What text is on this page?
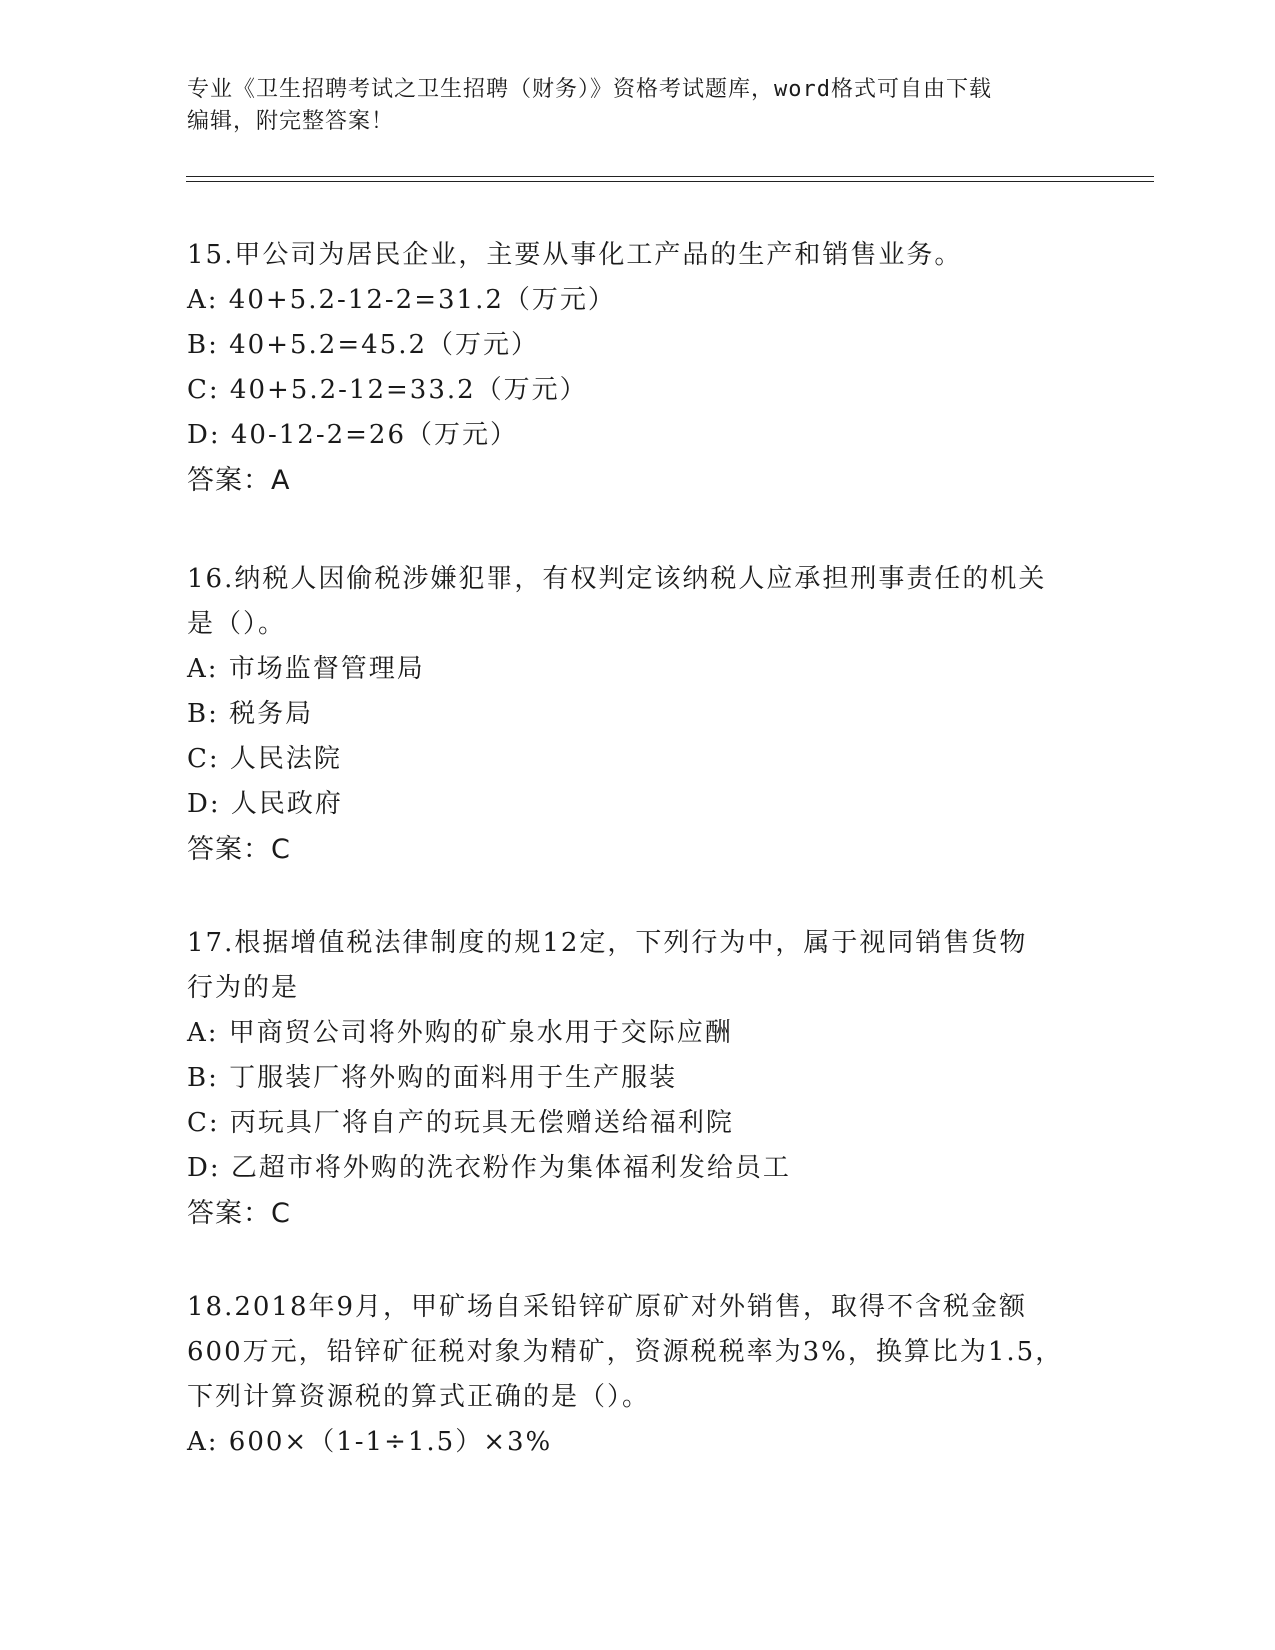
专业《卫生招聘考试之卫生招聘（财务）》资格考试题库，word格式可自由下载
编辑，附完整答案！
15.甲公司为居民企业，主要从事化工产品的生产和销售业务。
A: 40+5.2-12-2=31.2（万元）
B: 40+5.2=45.2（万元）
C: 40+5.2-12=33.2（万元）
D: 40-12-2=26（万元）
答案：A
16.纳税人因偷税涉嫌犯罪，有权判定该纳税人应承担刑事责任的机关
是（）。
A: 市场监督管理局
B: 税务局
C: 人民法院
D: 人民政府
答案：C
17.根据增值税法律制度的规12定，下列行为中，属于视同销售货物
行为的是
A: 甲商贸公司将外购的矿泉水用于交际应酬
B: 丁服装厂将外购的面料用于生产服装
C: 丙玩具厂将自产的玩具无偿赠送给福利院
D: 乙超市将外购的洗衣粉作为集体福利发给员工
答案：C
18.2018年9月，甲矿场自采铅锌矿原矿对外销售，取得不含税金额
600万元，铅锌矿征税对象为精矿，资源税税率为3%，换算比为1.5，
下列计算资源税的算式正确的是（）。
A: 600×（1-1÷1.5）×3%
